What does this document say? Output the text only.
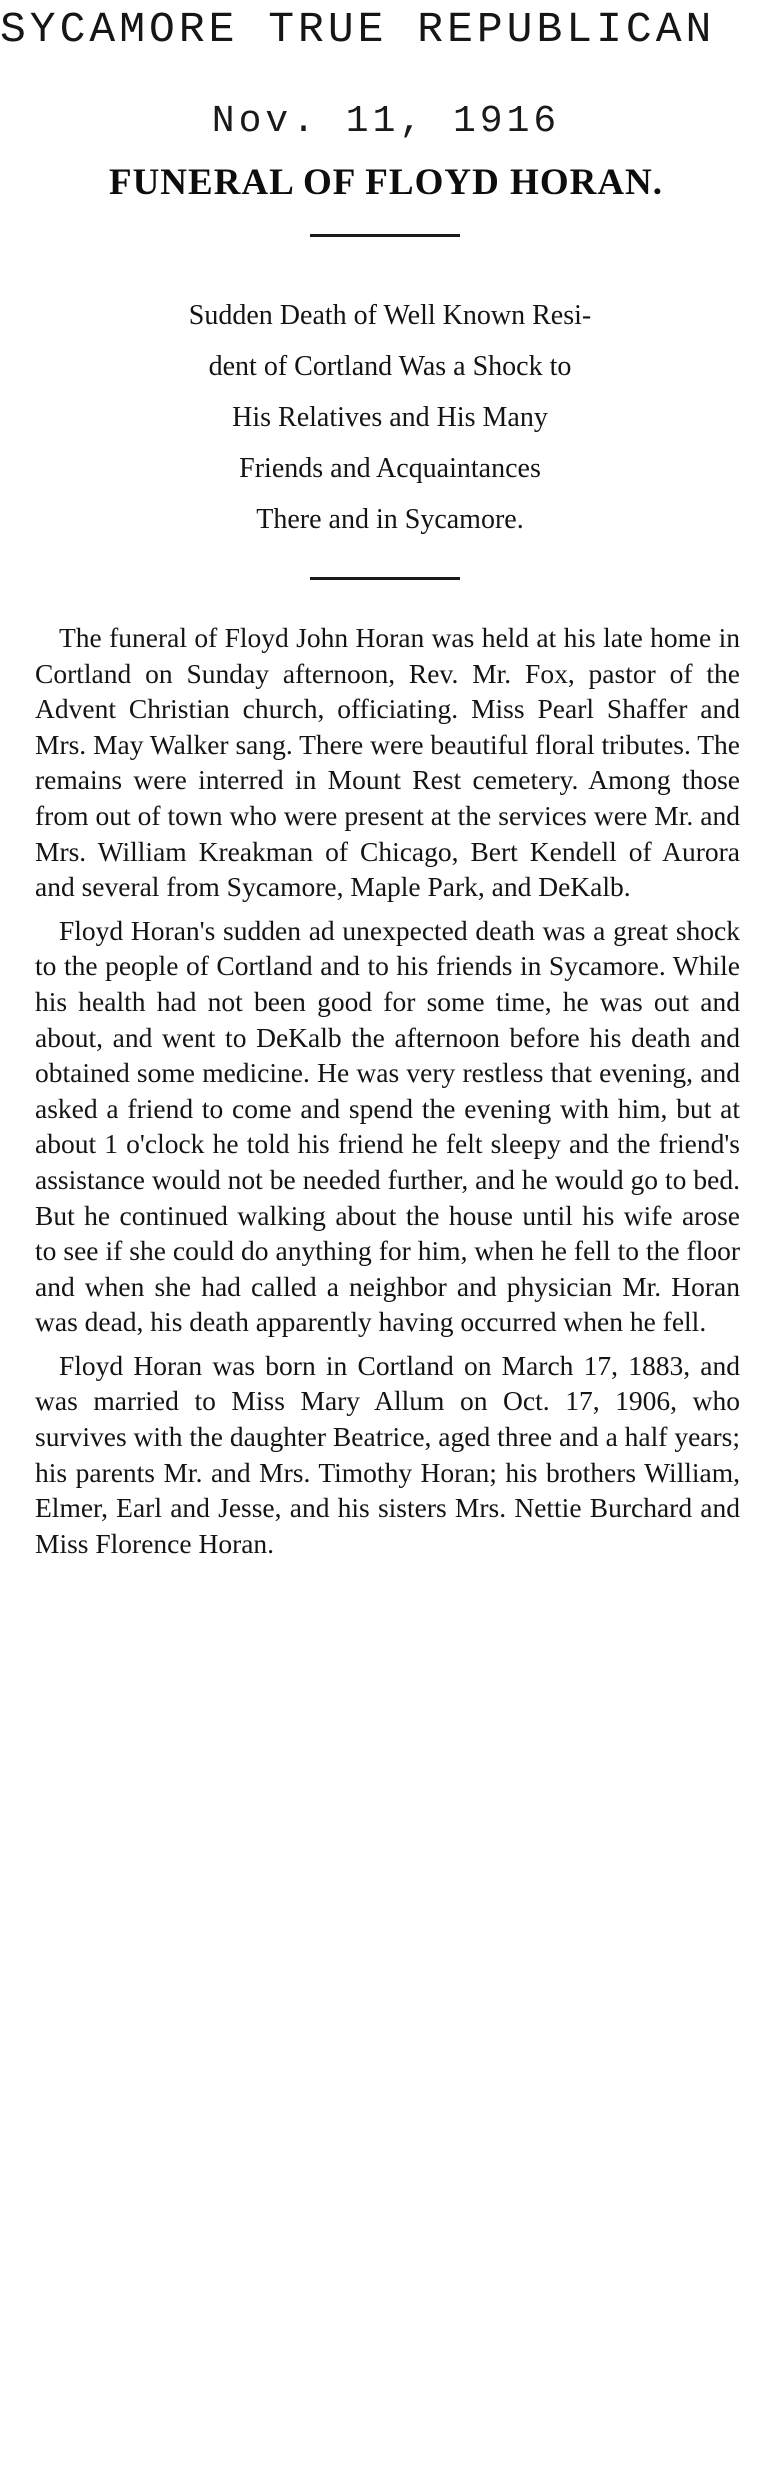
SYCAMORE TRUE REPUBLICAN
Nov. 11, 1916
FUNERAL OF FLOYD HORAN.
Sudden Death of Well Known Resi-
dent of Cortland Was a Shock to
His Relatives and His Many
Friends and Acquaintances
There and in Sycamore.

The funeral of Floyd John Horan was held at his late home in Cortland on Sunday afternoon, Rev. Mr. Fox, pastor of the Advent Christian church, officiating. Miss Pearl Shaffer and Mrs. May Walker sang. There were beautiful floral tributes. The remains were interred in Mount Rest cemetery. Among those from out of town who were present at the services were Mr. and Mrs. William Kreakman of Chicago, Bert Kendell of Aurora and several from Sycamore, Maple Park, and DeKalb.

Floyd Horan's sudden ad unexpected death was a great shock to the people of Cortland and to his friends in Sycamore. While his health had not been good for some time, he was out and about, and went to DeKalb the afternoon before his death and obtained some medicine. He was very restless that evening, and asked a friend to come and spend the evening with him, but at about 1 o'clock he told his friend he felt sleepy and the friend's assistance would not be needed further, and he would go to bed. But he continued walking about the house until his wife arose to see if she could do anything for him, when he fell to the floor and when she had called a neighbor and physician Mr. Horan was dead, his death apparently having occurred when he fell.

Floyd Horan was born in Cortland on March 17, 1883, and was married to Miss Mary Allum on Oct. 17, 1906, who survives with the daughter Beatrice, aged three and a half years; his parents Mr. and Mrs. Timothy Horan; his brothers William, Elmer, Earl and Jesse, and his sisters Mrs. Nettie Burchard and Miss Florence Horan.
